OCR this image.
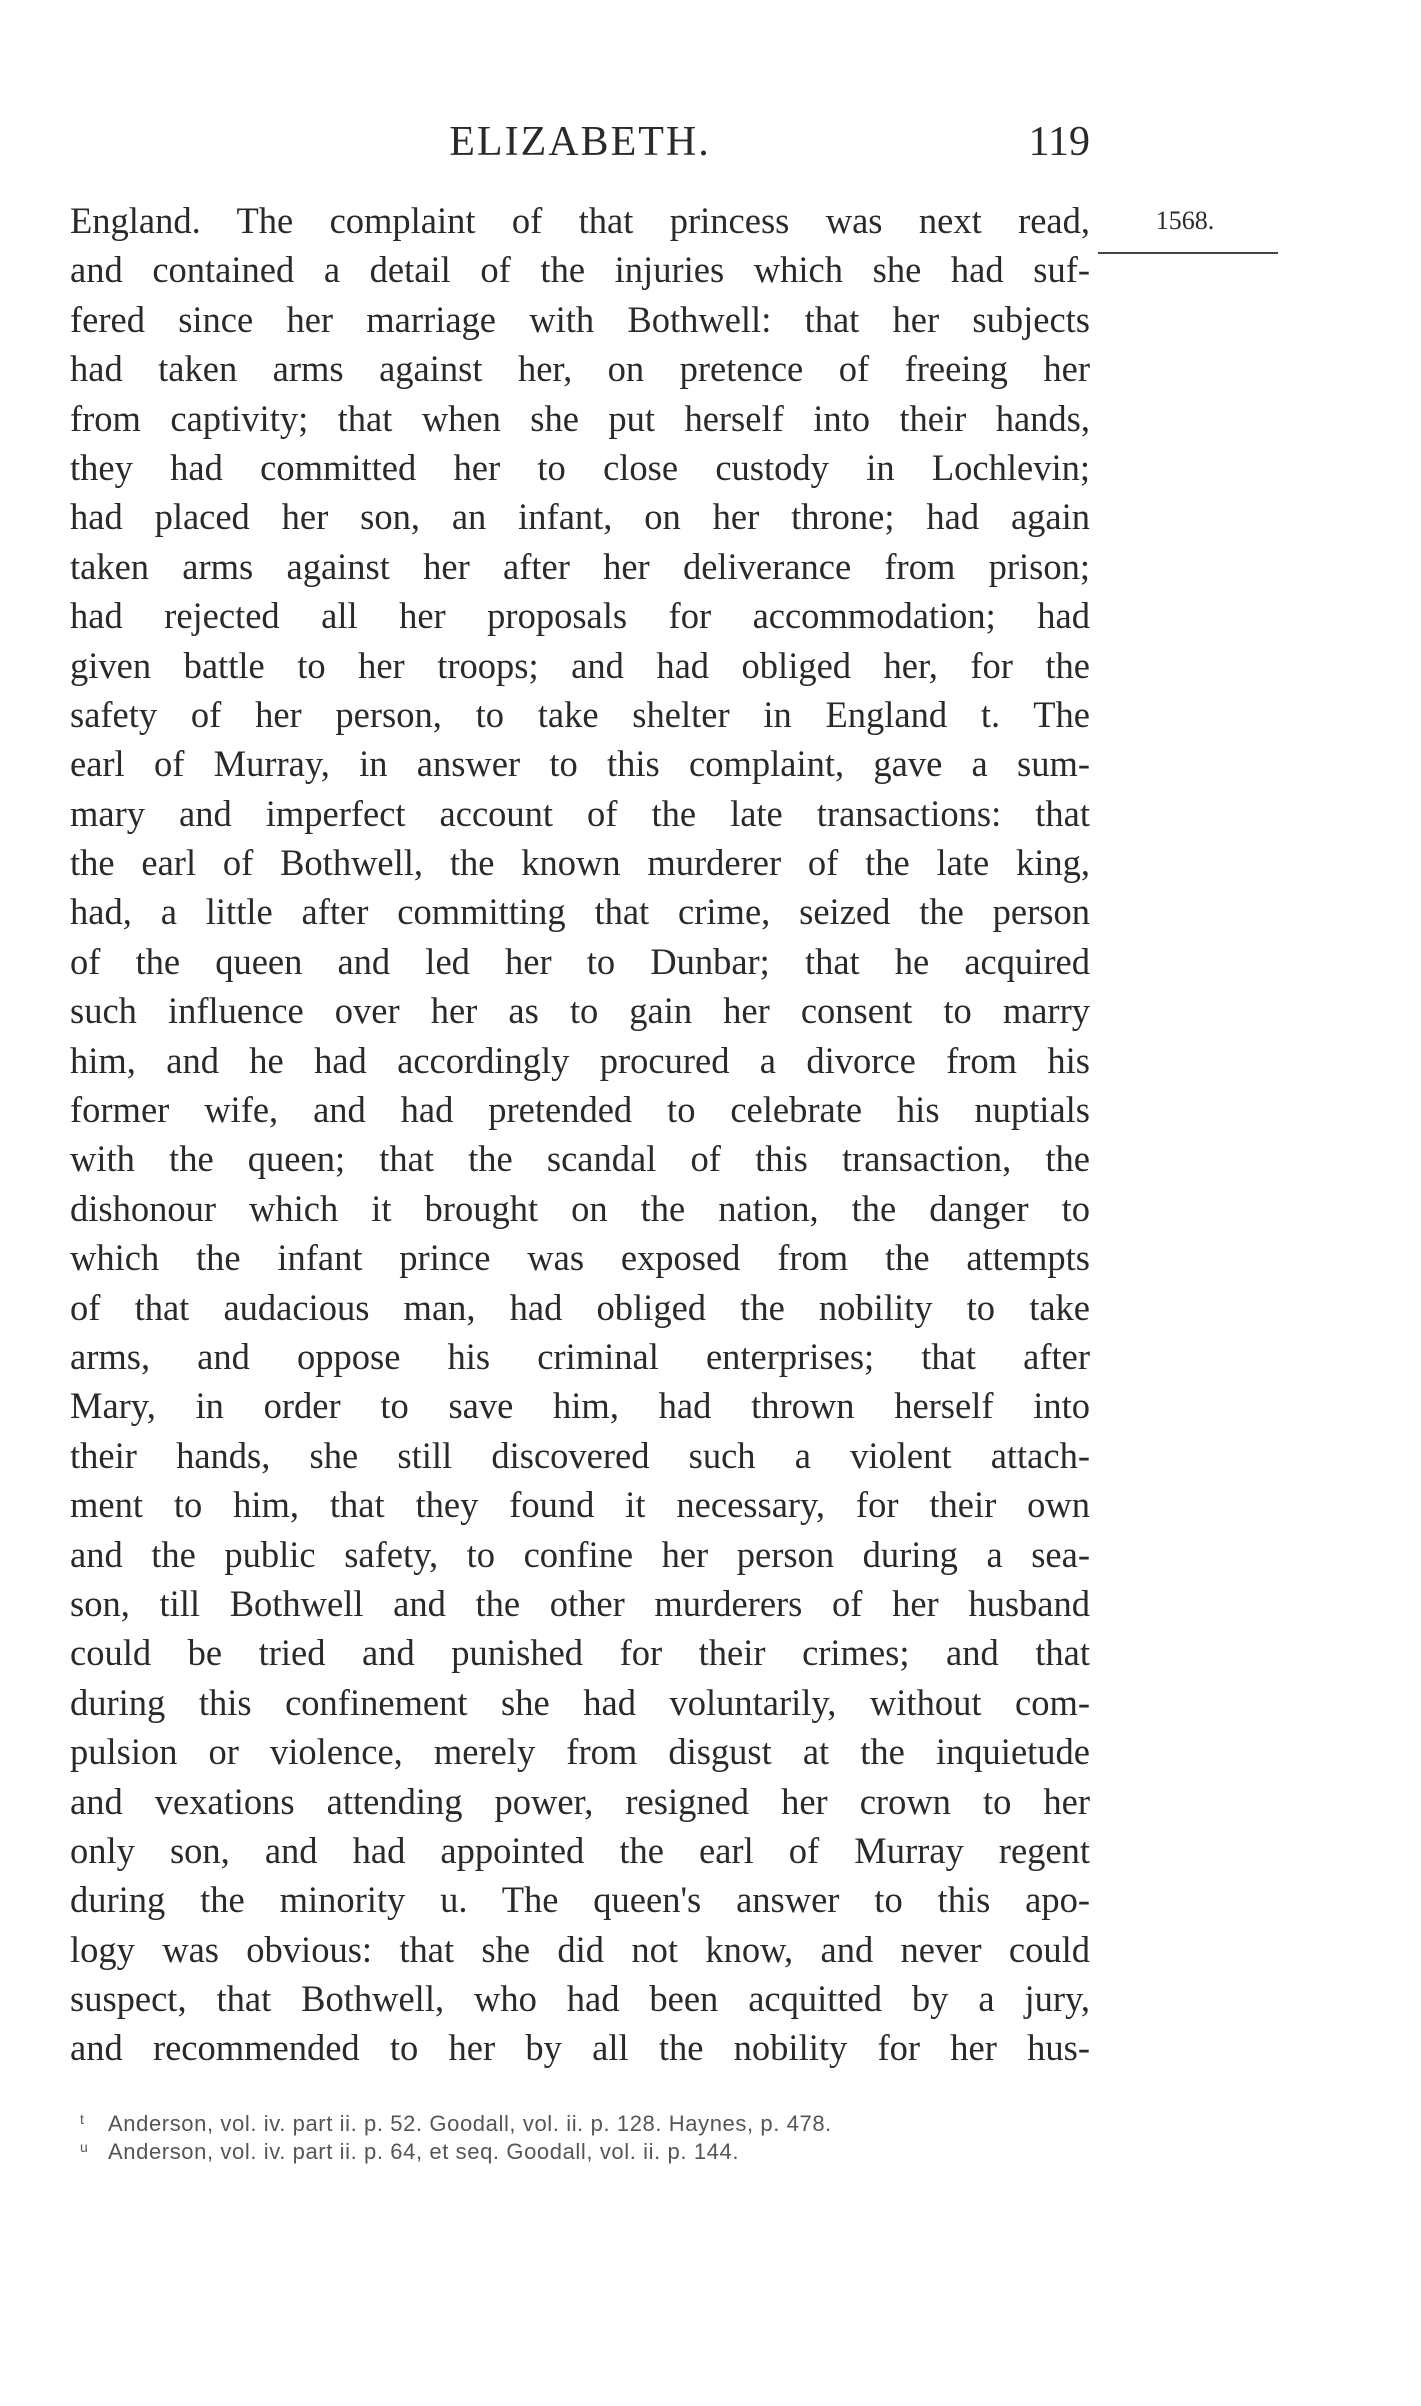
ELIZABETH.	119
1568.
England. The complaint of that princess was next read,
and contained a detail of the injuries which she had suf-
fered since her marriage with Bothwell: that her subjects
had taken arms against her, on pretence of freeing her
from captivity; that when she put herself into their hands,
they had committed her to close custody in Lochlevin;
had placed her son, an infant, on her throne; had again
taken arms against her after her deliverance from prison;
had rejected all her proposals for accommodation; had
given battle to her troops; and had obliged her, for the
safety of her person, to take shelter in England t. The
earl of Murray, in answer to this complaint, gave a sum-
mary and imperfect account of the late transactions: that
the earl of Bothwell, the known murderer of the late king,
had, a little after committing that crime, seized the person
of the queen and led her to Dunbar; that he acquired
such influence over her as to gain her consent to marry
him, and he had accordingly procured a divorce from his
former wife, and had pretended to celebrate his nuptials
with the queen; that the scandal of this transaction, the
dishonour which it brought on the nation, the danger to
which the infant prince was exposed from the attempts
of that audacious man, had obliged the nobility to take
arms, and oppose his criminal enterprises; that after
Mary, in order to save him, had thrown herself into
their hands, she still discovered such a violent attach-
ment to him, that they found it necessary, for their own
and the public safety, to confine her person during a sea-
son, till Bothwell and the other murderers of her husband
could be tried and punished for their crimes; and that
during this confinement she had voluntarily, without com-
pulsion or violence, merely from disgust at the inquietude
and vexations attending power, resigned her crown to her
only son, and had appointed the earl of Murray regent
during the minority u. The queen's answer to this apo-
logy was obvious: that she did not know, and never could
suspect, that Bothwell, who had been acquitted by a jury,
and recommended to her by all the nobility for her hus-
t Anderson, vol. iv. part ii. p. 52. Goodall, vol. ii. p. 128. Haynes, p. 478.
u Anderson, vol. iv. part ii. p. 64, et seq. Goodall, vol. ii. p. 144.
